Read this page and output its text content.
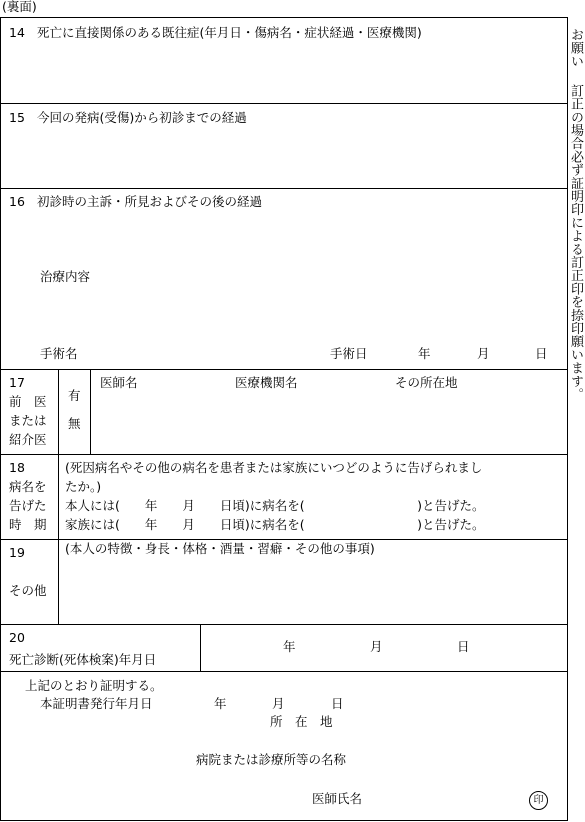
(裏面)
お願い
訂正の場合必ず証明印による訂正印を捺印願います。
14 死亡に直接関係のある既往症(年月日・傷病名・症状経過・医療機関)
15 今回の発病(受傷)から初診までの経過
16 初診時の主訴・所見およびその後の経過
治療内容
手術名	手術日	年	月	日
17
前　医
または
紹介医
有
無
医師名	医療機関名	その所在地
18
病名を
告げた
時　期
(死因病名やその他の病名を患者または家族にいつどのように告げられまし
たか。)
本人には(　　年　　月　　日頃)に病名を(　　　　　　　　　)と告げた。
家族には(　　年　　月　　日頃)に病名を(　　　　　　　　　)と告げた。
19
その他
(本人の特徴・身長・体格・酒量・習癖・その他の事項)
20
死亡診断(死体検案)年月日
年	月	日
上記のとおり証明する。
本証明書発行年月日	年	月	日
所　在　地
病院または診療所等の名称
医師氏名	印
